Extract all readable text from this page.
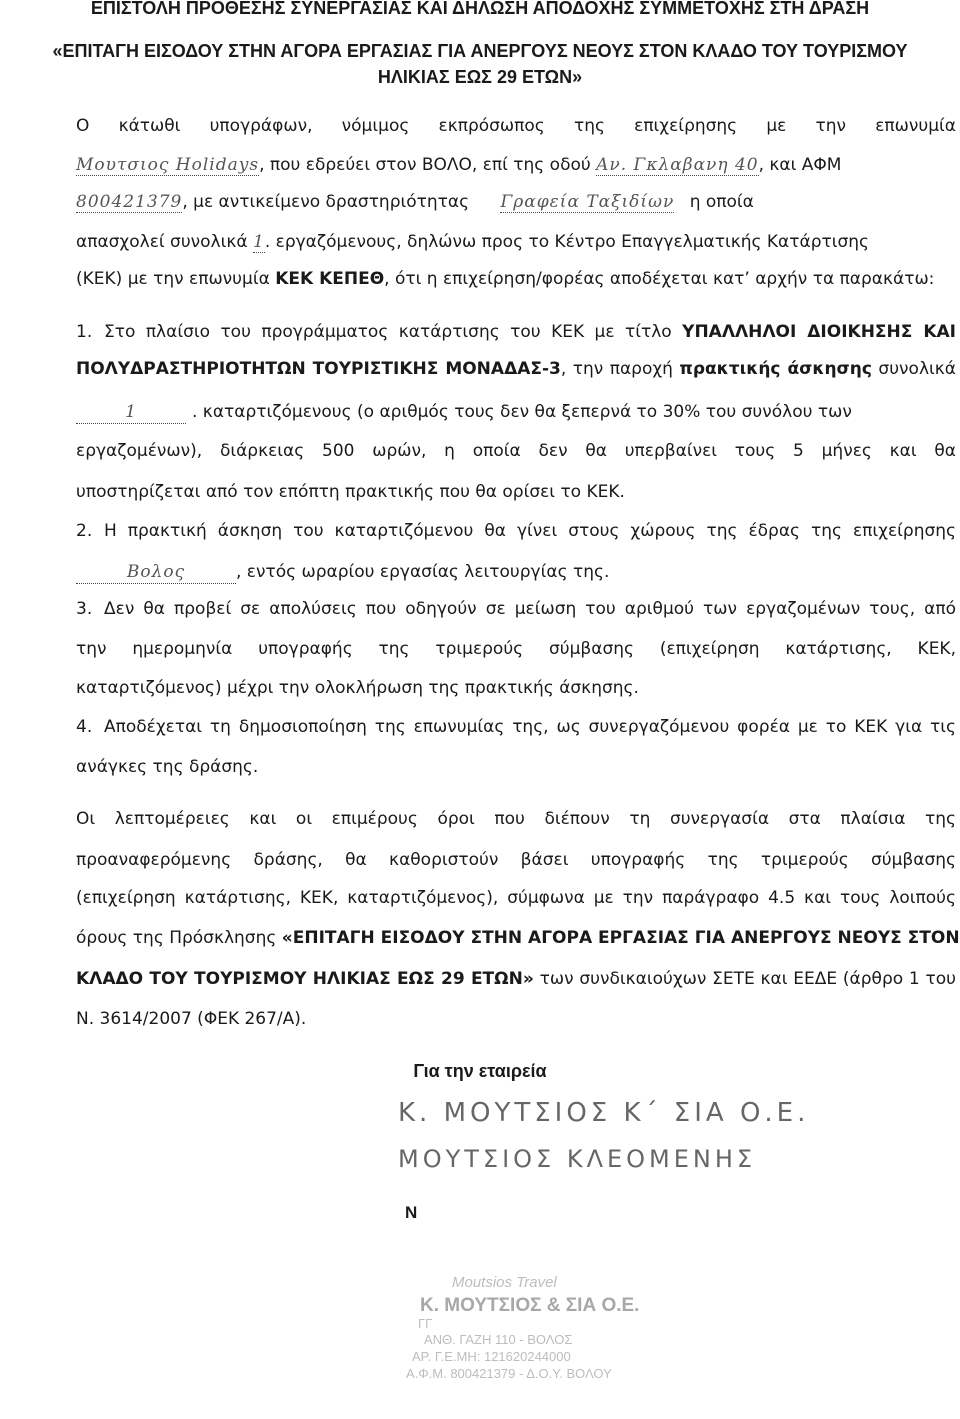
ΕΠΙΣΤΟΛΗ ΠΡΟΘΕΣΗΣ ΣΥΝΕΡΓΑΣΙΑΣ ΚΑΙ ΔΗΛΩΣΗ ΑΠΟΔΟΧΗΣ ΣΥΜΜΕΤΟΧΗΣ ΣΤΗ ΔΡΑΣΗ
«ΕΠΙΤΑΓΗ ΕΙΣΟΔΟΥ ΣΤΗΝ ΑΓΟΡΑ ΕΡΓΑΣΙΑΣ ΓΙΑ ΑΝΕΡΓΟΥΣ ΝΕΟΥΣ ΣΤΟΝ ΚΛΑΔΟ ΤΟΥ ΤΟΥΡΙΣΜΟΥ
ΗΛΙΚΙΑΣ ΕΩΣ 29 ΕΤΩΝ»
Ο κάτωθι υπογράφων, νόμιμος εκπρόσωπος της επιχείρησης με την επωνυμία
Μουτσιος Holidays, που εδρεύει στον ΒΟΛΟ, επί της οδού Αν. Γκλαβανη 40, και ΑΦΜ
800421379, με αντικείμενο δραστηριότητας Γραφεία Ταξιδίων η οποία
απασχολεί συνολικά 1. εργαζόμενους, δηλώνω προς το Κέντρο Επαγγελματικής Κατάρτισης
(ΚΕΚ) με την επωνυμία ΚΕΚ ΚΕΠΕΘ, ότι η επιχείρηση/φορέας αποδέχεται κατ’ αρχήν τα παρακάτω:
1. Στο πλαίσιο του προγράμματος κατάρτισης του ΚΕΚ με τίτλο ΥΠΑΛΛΗΛΟΙ ΔΙΟΙΚΗΣΗΣ ΚΑΙ
ΠΟΛΥΔΡΑΣΤΗΡΙΟΤΗΤΩΝ ΤΟΥΡΙΣΤΙΚΗΣ ΜΟΝΑΔΑΣ-3, την παροχή πρακτικής άσκησης συνολικά
1	. καταρτιζόμενους (ο αριθμός τους δεν θα ξεπερνά το 30% του συνόλου των
εργαζομένων), διάρκειας 500 ωρών, η οποία δεν θα υπερβαίνει τους 5 μήνες και θα
υποστηρίζεται από τον επόπτη πρακτικής που θα ορίσει το ΚΕΚ.
2. Η πρακτική άσκηση του καταρτιζόμενου θα γίνει στους χώρους της έδρας της επιχείρησης
Βολος	, εντός ωραρίου εργασίας λειτουργίας της.
3. Δεν θα προβεί σε απολύσεις που οδηγούν σε μείωση του αριθμού των εργαζομένων τους, από
την ημερομηνία υπογραφής της τριμερούς σύμβασης (επιχείρηση κατάρτισης, ΚΕΚ,
καταρτιζόμενος) μέχρι την ολοκλήρωση της πρακτικής άσκησης.
4. Αποδέχεται τη δημοσιοποίηση της επωνυμίας της, ως συνεργαζόμενου φορέα με το ΚΕΚ για τις
ανάγκες της δράσης.
Οι λεπτομέρειες και οι επιμέρους όροι που διέπουν τη συνεργασία στα πλαίσια της
προαναφερόμενης δράσης, θα καθοριστούν βάσει υπογραφής της τριμερούς σύμβασης
(επιχείρηση κατάρτισης, ΚΕΚ, καταρτιζόμενος), σύμφωνα με την παράγραφο 4.5 και τους λοιπούς
όρους της Πρόσκλησης «ΕΠΙΤΑΓΗ ΕΙΣΟΔΟΥ ΣΤΗΝ ΑΓΟΡΑ ΕΡΓΑΣΙΑΣ ΓΙΑ ΑΝΕΡΓΟΥΣ ΝΕΟΥΣ ΣΤΟΝ
ΚΛΑΔΟ ΤΟΥ ΤΟΥΡΙΣΜΟΥ ΗΛΙΚΙΑΣ ΕΩΣ 29 ΕΤΩΝ» των συνδικαιούχων ΣΕΤΕ και ΕΕΔΕ (άρθρο 1 του
Ν. 3614/2007 (ΦΕΚ 267/Α).
Για την εταιρεία
Κ. ΜΟΥΤΣΙΟΣ Κ΄ ΣΙΑ Ο.Ε.
ΜΟΥΤΣΙΟΣ ΚΛΕΟΜΕΝΗΣ
N
Moutsios Travel
Κ. ΜΟΥΤΣΙΟΣ & ΣΙΑ Ο.Ε.
ΓΓ
ΑΝΘ. ΓΑΖΗ 110 - ΒΟΛΟΣ
ΑΡ. Γ.Ε.ΜΗ: 121620244000
Α.Φ.Μ. 800421379 - Δ.Ο.Υ. ΒΟΛΟΥ
